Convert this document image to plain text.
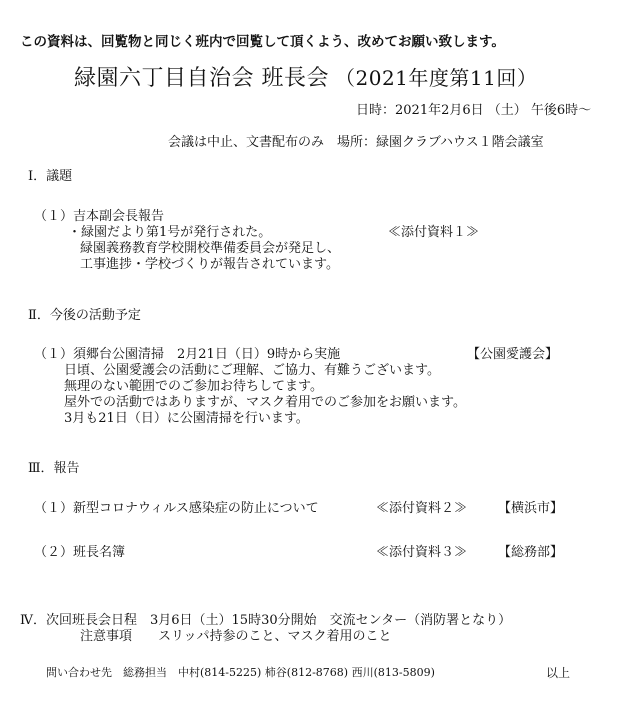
この資料は、回覧物と同じく班内で回覧して頂くよう、改めてお願い致します。
緑園六丁目自治会 班長会 （2021年度第11回）
日時：2021年2月6日 （土） 午後6時〜
会議は中止、文書配布のみ　場所：緑園クラブハウス１階会議室
Ⅰ．議題
（１）吉本副会長報告
・緑園だより第1号が発行された。	≪添付資料１≫
緑園義務教育学校開校準備委員会が発足し、
工事進捗・学校づくりが報告されています。
Ⅱ．今後の活動予定
（１）須郷台公園清掃　2月21日（日）9時から実施	【公園愛護会】
日頃、公園愛護会の活動にご理解、ご協力、有難うございます。
無理のない範囲でのご参加お待ちしてます。
屋外での活動ではありますが、マスク着用でのご参加をお願います。
3月も21日（日）に公園清掃を行います。
Ⅲ．報告
（１）新型コロナウィルス感染症の防止について	≪添付資料２≫ 【横浜市】
（２）班長名簿	≪添付資料３≫ 【総務部】
Ⅳ．次回班長会日程　3月6日（土）15時30分開始　交流センター（消防署となり）
注意事項　　スリッパ持参のこと、マスク着用のこと
問い合わせ先　総務担当　中村(814-5225) 柿谷(812-8768) 西川(813-5809)	以上
